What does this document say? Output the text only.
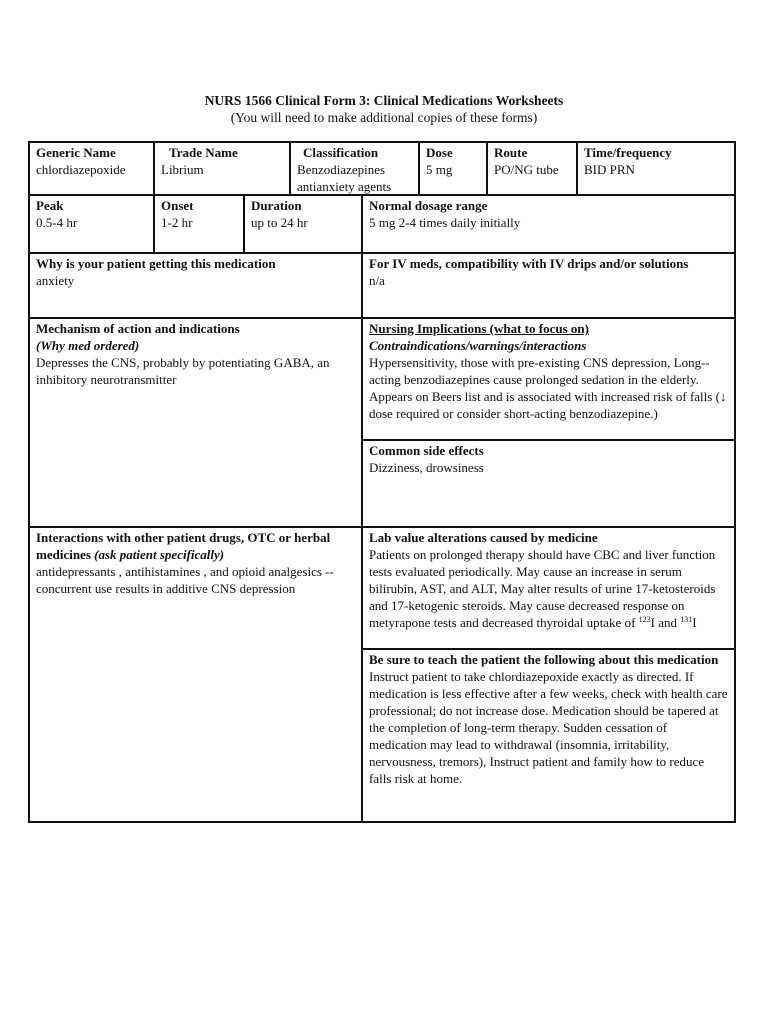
NURS 1566 Clinical Form 3: Clinical Medications Worksheets
(You will need to make additional copies of these forms)
Generic Name
chlordiazepoxide
Trade Name
Librium
Classification
Benzodiazepines antianxiety agents
Dose
5 mg
Route
PO/NG tube
Time/frequency
BID PRN
Peak
0.5-4 hr
Onset
1-2 hr
Duration
up to 24 hr
Normal dosage range
5 mg 2-4 times daily initially
Why is your patient getting this medication
anxiety
For IV meds, compatibility with IV drips and/or solutions
n/a
Mechanism of action and indications
(Why med ordered)
Depresses the CNS, probably by potentiating GABA, an inhibitory neurotransmitter
Nursing Implications (what to focus on)
Contraindications/warnings/interactions
Hypersensitivity, those with pre-existing CNS depression, Long--acting benzodiazepines cause prolonged sedation in the elderly. Appears on Beers list and is associated with increased risk of falls (↓ dose required or consider short-acting benzodiazepine.)
Common side effects
Dizziness, drowsiness
Interactions with other patient drugs, OTC or herbal medicines (ask patient specifically)
antidepressants , antihistamines , and opioid analgesics --concurrent use results in additive CNS depression
Lab value alterations caused by medicine
Patients on prolonged therapy should have CBC and liver function tests evaluated periodically. May cause an increase in serum bilirubin, AST, and ALT, May alter results of urine 17-ketosteroids and 17-ketogenic steroids. May cause decreased response on metyrapone tests and decreased thyroidal uptake of $^{123}$I and $^{131}$I
Be sure to teach the patient the following about this medication
Instruct patient to take chlordiazepoxide exactly as directed. If medication is less effective after a few weeks, check with health care professional; do not increase dose. Medication should be tapered at the completion of long-term therapy. Sudden cessation of medication may lead to withdrawal (insomnia, irritability, nervousness, tremors), Instruct patient and family how to reduce falls risk at home.
